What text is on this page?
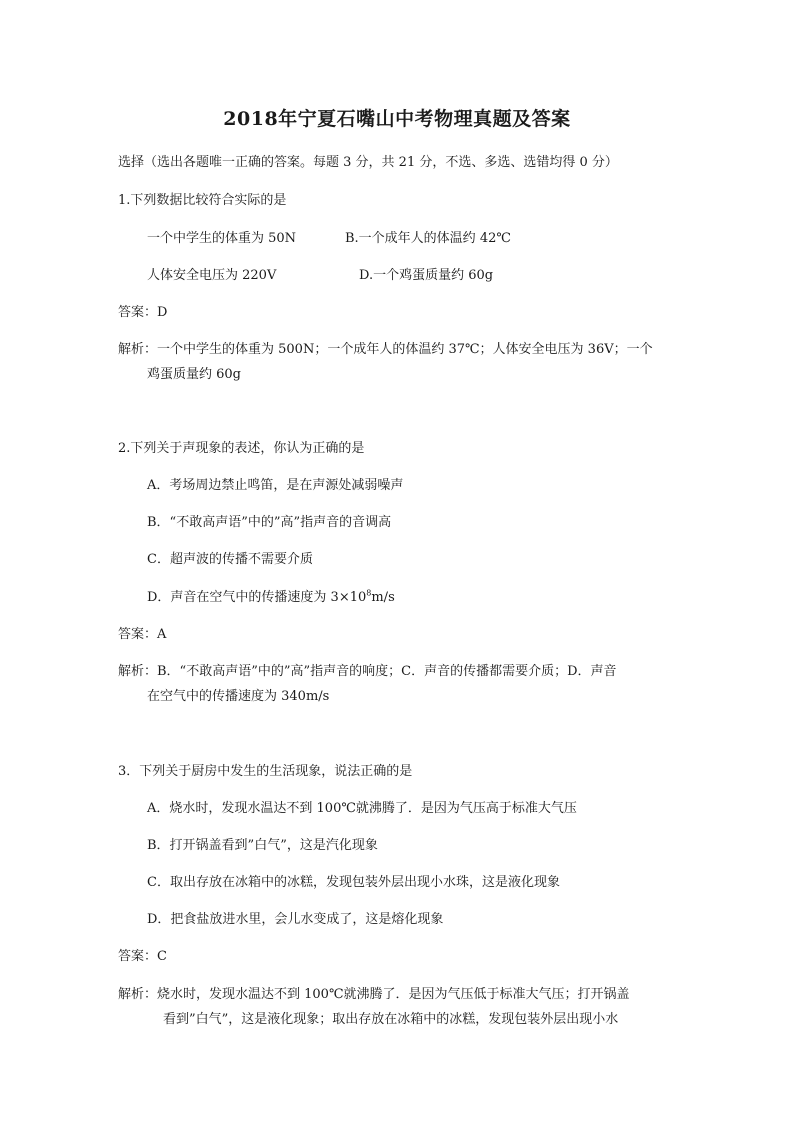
2018年宁夏石嘴山中考物理真题及答案
选择（选出各题唯一正确的答案。每题 3 分，共 21 分，不选、多选、选错均得 0 分）
1.下列数据比较符合实际的是
一个中学生的体重为 50N	B.一个成年人的体温约 42℃
人体安全电压为 220V	D.一个鸡蛋质量约 60g
答案：D
解析：一个中学生的体重为 500N；一个成年人的体温约 37℃；人体安全电压为 36V；一个
鸡蛋质量约 60g
2.下列关于声现象的表述，你认为正确的是
A．考场周边禁止鸣笛，是在声源处减弱噪声
B．“不敢高声语”中的”高”指声音的音调高
C．超声波的传播不需要介质
D．声音在空气中的传播速度为 $3\times 10^8m/s$
答案：A
解析：B．“不敢高声语”中的”高”指声音的响度；C．声音的传播都需要介质；D．声音
在空气中的传播速度为 340m/s
3．下列关于厨房中发生的生活现象，说法正确的是
A．烧水时，发现水温达不到 100℃就沸腾了．是因为气压高于标准大气压
B．打开锅盖看到”白气”，这是汽化现象
C．取出存放在冰箱中的冰糕，发现包装外层出现小水珠，这是液化现象
D．把食盐放进水里，会儿水变成了，这是熔化现象
答案：C
解析：烧水时，发现水温达不到 100℃就沸腾了．是因为气压低于标准大气压；打开锅盖
看到”白气”，这是液化现象；取出存放在冰箱中的冰糕，发现包装外层出现小水
